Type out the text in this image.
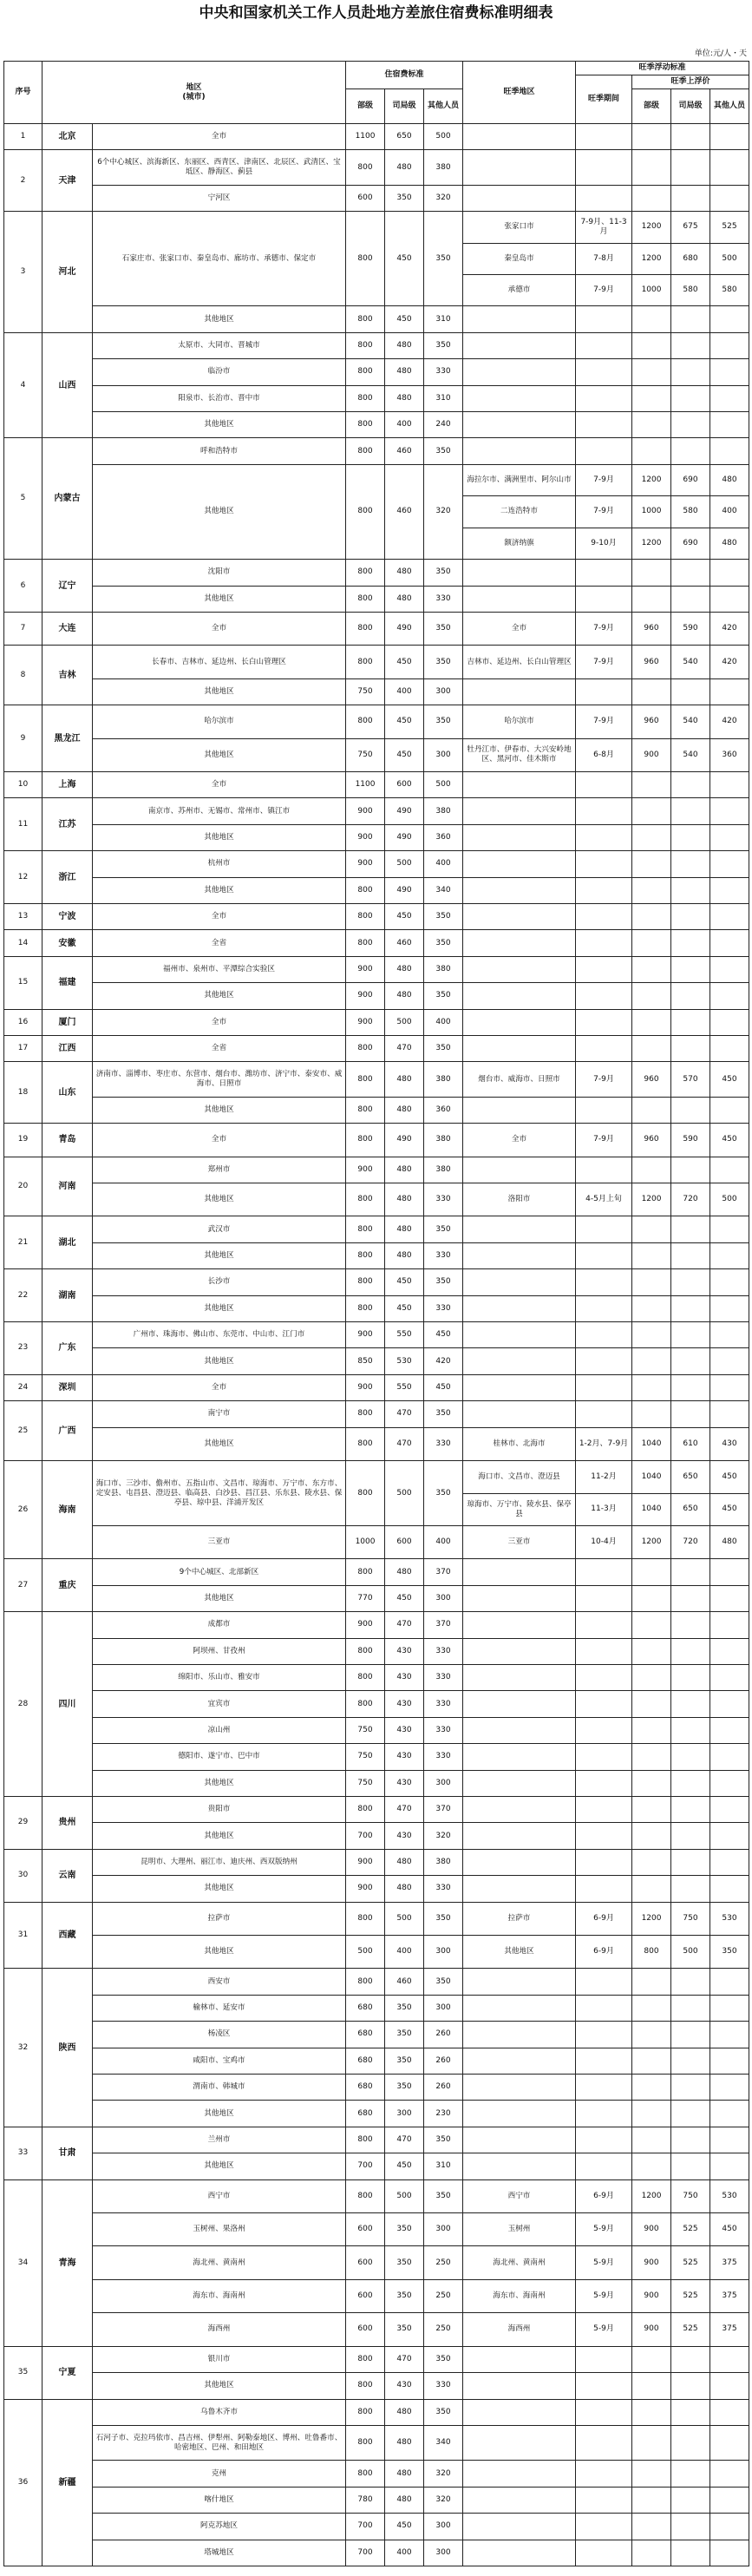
中央和国家机关工作人员赴地方差旅住宿费标准明细表
单位:元/人・天
序号	地区
(城市)		住宿费标准			旺季地区	旺季浮动标准			
							旺季期间	旺季上浮价		
			部级	司局级	其他人员			部级	司局级	其他人员
1	北京	全市	1100	650	500					
2	天津	6个中心城区、滨海新区、东丽区、西青区、津南区、北辰区、武清区、宝坻区、静海区、蓟县	800	480	380					
		宁河区	600	350	320					
3	河北	石家庄市、张家口市、秦皇岛市、廊坊市、承德市、保定市	800	450	350	张家口市	7-9月、11-3月	1200	675	525
						秦皇岛市	7-8月	1200	680	500
						承德市	7-9月	1000	580	580
		其他地区	800	450	310					
4	山西	太原市、大同市、晋城市	800	480	350					
		临汾市	800	480	330					
		阳泉市、长治市、晋中市	800	480	310					
		其他地区	800	400	240					
5	内蒙古	呼和浩特市	800	460	350					
		其他地区	800	460	320	海拉尔市、满洲里市、阿尔山市	7-9月	1200	690	480
						二连浩特市	7-9月	1000	580	400
						额济纳旗	9-10月	1200	690	480
6	辽宁	沈阳市	800	480	350					
		其他地区	800	480	330					
7	大连	全市	800	490	350	全市	7-9月	960	590	420
8	吉林	长春市、吉林市、延边州、长白山管理区	800	450	350	吉林市、延边州、长白山管理区	7-9月	960	540	420
		其他地区	750	400	300					
9	黑龙江	哈尔滨市	800	450	350	哈尔滨市	7-9月	960	540	420
		其他地区	750	450	300	牡丹江市、伊春市、大兴安岭地区、黑河市、佳木斯市	6-8月	900	540	360
10	上海	全市	1100	600	500					
11	江苏	南京市、苏州市、无锡市、常州市、镇江市	900	490	380					
		其他地区	900	490	360					
12	浙江	杭州市	900	500	400					
		其他地区	800	490	340					
13	宁波	全市	800	450	350					
14	安徽	全省	800	460	350					
15	福建	福州市、泉州市、平潭综合实验区	900	480	380					
		其他地区	900	480	350					
16	厦门	全市	900	500	400					
17	江西	全省	800	470	350					
18	山东	济南市、淄博市、枣庄市、东营市、烟台市、潍坊市、济宁市、泰安市、威海市、日照市	800	480	380	烟台市、威海市、日照市	7-9月	960	570	450
		其他地区	800	480	360					
19	青岛	全市	800	490	380	全市	7-9月	960	590	450
20	河南	郑州市	900	480	380					
		其他地区	800	480	330	洛阳市	4-5月上旬	1200	720	500
21	湖北	武汉市	800	480	350					
		其他地区	800	480	330					
22	湖南	长沙市	800	450	350					
		其他地区	800	450	330					
23	广东	广州市、珠海市、佛山市、东莞市、中山市、江门市	900	550	450					
		其他地区	850	530	420					
24	深圳	全市	900	550	450					
25	广西	南宁市	800	470	350					
		其他地区	800	470	330	桂林市、北海市	1-2月、7-9月	1040	610	430
26	海南	海口市、三沙市、儋州市、五指山市、文昌市、琼海市、万宁市、东方市、定安县、屯昌县、澄迈县、临高县、白沙县、昌江县、乐东县、陵水县、保亭县、琼中县、洋浦开发区	800	500	350	海口市、文昌市、澄迈县	11-2月	1040	650	450
						琼海市、万宁市、陵水县、保亭县	11-3月	1040	650	450
		三亚市	1000	600	400	三亚市	10-4月	1200	720	480
27	重庆	9个中心城区、北部新区	800	480	370					
		其他地区	770	450	300					
28	四川	成都市	900	470	370					
		阿坝州、甘孜州	800	430	330					
		绵阳市、乐山市、雅安市	800	430	330					
		宜宾市	800	430	330					
		凉山州	750	430	330					
		德阳市、遂宁市、巴中市	750	430	330					
		其他地区	750	430	300					
29	贵州	贵阳市	800	470	370					
		其他地区	700	430	320					
30	云南	昆明市、大理州、丽江市、迪庆州、西双版纳州	900	480	380					
		其他地区	900	480	330					
31	西藏	拉萨市	800	500	350	拉萨市	6-9月	1200	750	530
		其他地区	500	400	300	其他地区	6-9月	800	500	350
32	陕西	西安市	800	460	350					
		榆林市、延安市	680	350	300					
		杨凌区	680	350	260					
		咸阳市、宝鸡市	680	350	260					
		渭南市、韩城市	680	350	260					
		其他地区	680	300	230					
33	甘肃	兰州市	800	470	350					
		其他地区	700	450	310					
34	青海	西宁市	800	500	350	西宁市	6-9月	1200	750	530
		玉树州、果洛州	600	350	300	玉树州	5-9月	900	525	450
		海北州、黄南州	600	350	250	海北州、黄南州	5-9月	900	525	375
		海东市、海南州	600	350	250	海东市、海南州	5-9月	900	525	375
		海西州	600	350	250	海西州	5-9月	900	525	375
35	宁夏	银川市	800	470	350					
		其他地区	800	430	330					
36	新疆	乌鲁木齐市	800	480	350					
		石河子市、克拉玛依市、昌吉州、伊犁州、阿勒泰地区、博州、吐鲁番市、哈密地区、巴州、和田地区	800	480	340					
		克州	800	480	320					
		喀什地区	780	480	320					
		阿克苏地区	700	450	300					
		塔城地区	700	400	300					
